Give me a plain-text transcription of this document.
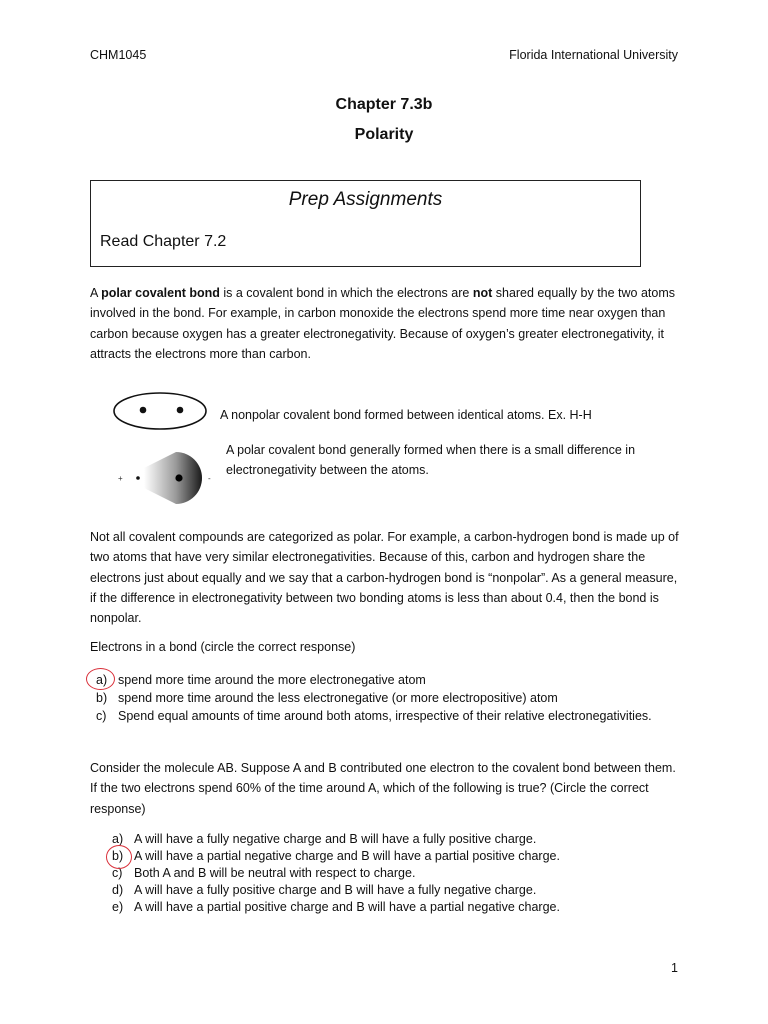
CHM1045	Florida International University
Chapter 7.3b
Polarity
Prep Assignments
Read Chapter 7.2
A polar covalent bond is a covalent bond in which the electrons are not shared equally by the two atoms involved in the bond. For example, in carbon monoxide the electrons spend more time near oxygen than carbon because oxygen has a greater electronegativity. Because of oxygen’s greater electronegativity, it attracts the electrons more than carbon.
A nonpolar covalent bond formed between identical atoms. Ex. H-H
+	-
A polar covalent bond generally formed when there is a small difference in electronegativity between the atoms.
Not all covalent compounds are categorized as polar. For example, a carbon-hydrogen bond is made up of two atoms that have very similar electronegativities. Because of this, carbon and hydrogen share the electrons just about equally and we say that a carbon-hydrogen bond is “nonpolar”. As a general measure, if the difference in electronegativity between two bonding atoms is less than about 0.4, then the bond is nonpolar.
Electrons in a bond (circle the correct response)
a) spend more time around the more electronegative atom
b) spend more time around the less electronegative (or more electropositive) atom
c) Spend equal amounts of time around both atoms, irrespective of their relative electronegativities.
Consider the molecule AB. Suppose A and B contributed one electron to the covalent bond between them. If the two electrons spend 60% of the time around A, which of the following is true? (Circle the correct response)
a) A will have a fully negative charge and B will have a fully positive charge.
b) A will have a partial negative charge and B will have a partial positive charge.
c) Both A and B will be neutral with respect to charge.
d) A will have a fully positive charge and B will have a fully negative charge.
e) A will have a partial positive charge and B will have a partial negative charge.
1
